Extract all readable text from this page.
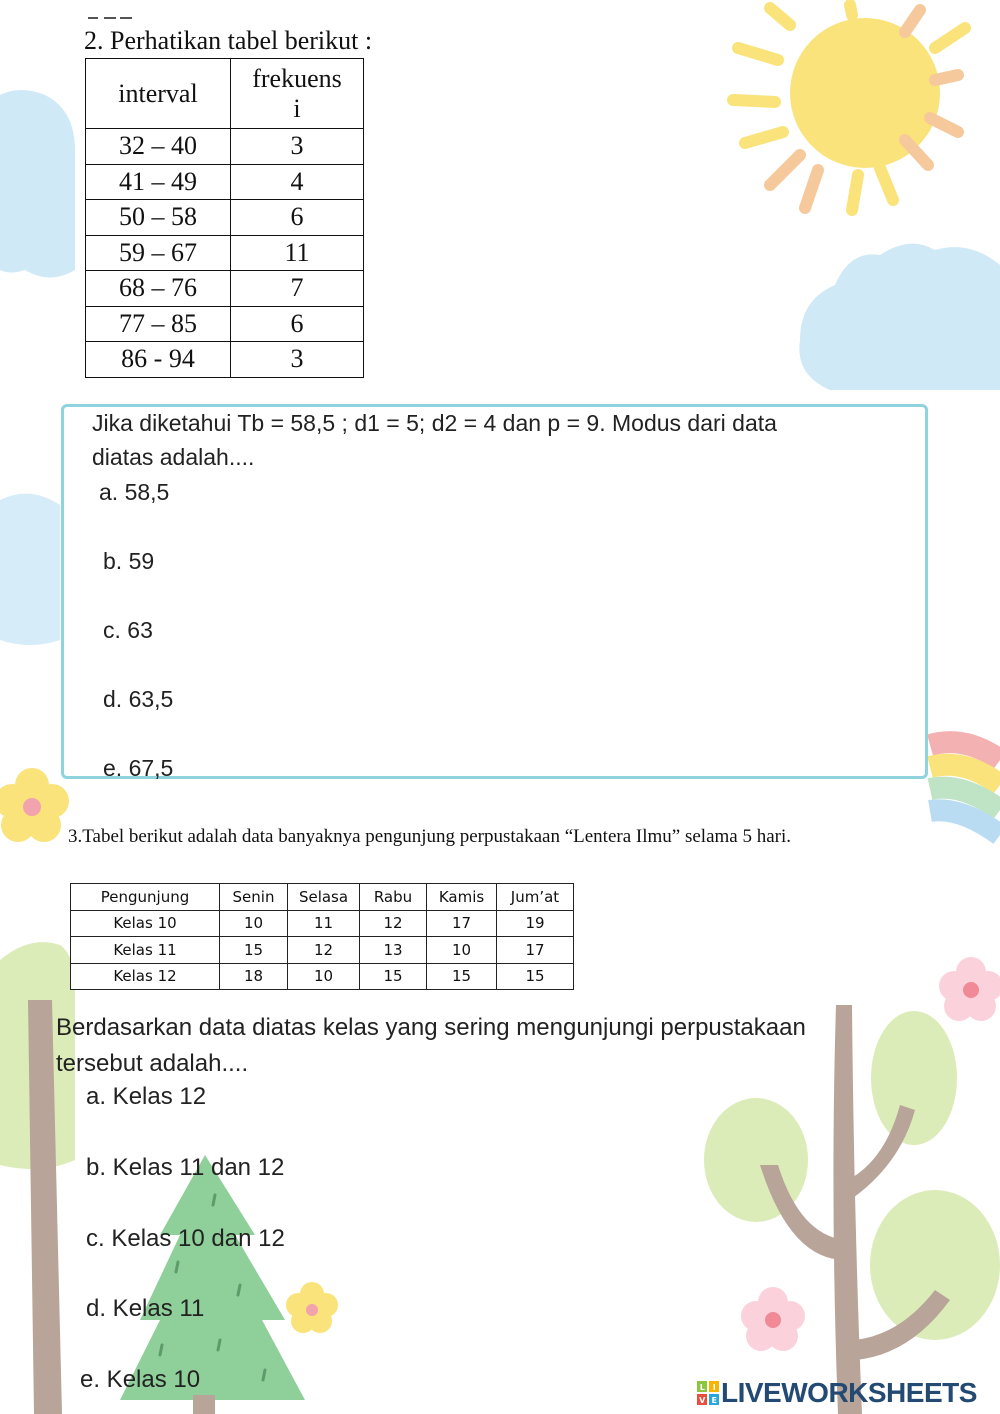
2. Perhatikan tabel berikut :
interval	frekuens
i

32 – 40	3
41 – 49	4
50 – 58	6
59 – 67	11
68 – 76	7
77 – 85	6
86 - 94	3
Jika diketahui Tb = 58,5 ; d1 = 5; d2 = 4 dan p = 9. Modus dari data
diatas adalah....
a. 58,5
b. 59
c. 63
d. 63,5
e. 67,5
3.Tabel berikut adalah data banyaknya pengunjung perpustakaan “Lentera Ilmu” selama 5 hari.
Pengunjung	Senin	Selasa	Rabu	Kamis	Jum’at
Kelas 10	10	11	12	17	19
Kelas 11	15	12	13	10	17
Kelas 12	18	10	15	15	15
Berdasarkan data diatas kelas yang sering mengunjungi perpustakaan
tersebut adalah....
a. Kelas 12
b. Kelas 11 dan 12
c. Kelas 10 dan 12
d. Kelas 11
e. Kelas 10	L I
V E LIVEWORKSHEETS
